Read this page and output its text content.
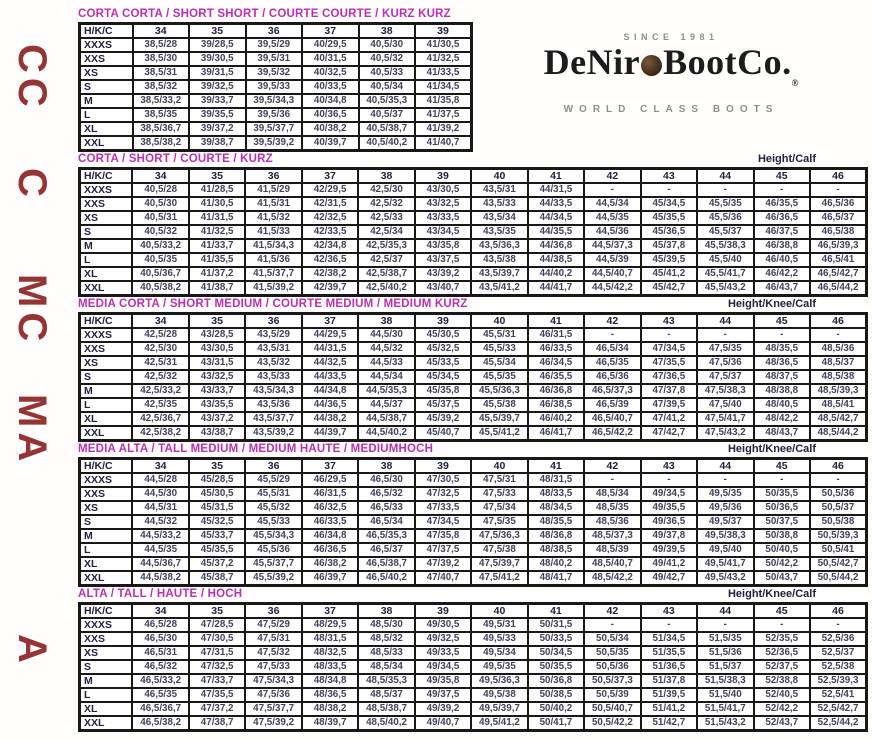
CC
C
MC
MA
A
SINCE 1981
DeNir $BootCo._®$
WORLD CLASS BOOTS
CORTA CORTA / SHORT SHORT / COURTE COURTE / KURZ KURZ
H/K/C	34	35	36	37	38	39
XXXS	38,5/28	39/28,5	39,5/29	40/29,5	40,5/30	41/30,5
XXS	38,5/30	39/30,5	39,5/31	40/31,5	40,5/32	41/32,5
XS	38,5/31	39/31,5	39,5/32	40/32,5	40,5/33	41/33,5
S	38,5/32	39/32,5	39,5/33	40/33,5	40,5/34	41/34,5
M	38,5/33,2	39/33,7	39,5/34,3	40/34,8	40,5/35,3	41/35,8
L	38,5/35	39/35,5	39,5/36	40/36,5	40,5/37	41/37,5
XL	38,5/36,7	39/37,2	39,5/37,7	40/38,2	40,5/38,7	41/39,2
XXL	38,5/38,2	39/38,7	39,5/39,2	40/39,7	40,5/40,2	41/40,7
CORTA / SHORT / COURTE / KURZ	Height/Calf
H/K/C	34	35	36	37	38	39	40	41	42	43	44	45	46
XXXS	40,5/28	41/28,5	41,5/29	42/29,5	42,5/30	43/30,5	43,5/31	44/31,5	-	-	-	-	-
XXS	40,5/30	41/30,5	41,5/31	42/31,5	42,5/32	43/32,5	43,5/33	44/33,5	44,5/34	45/34,5	45,5/35	46/35,5	46,5/36
XS	40,5/31	41/31,5	41,5/32	42/32,5	42,5/33	43/33,5	43,5/34	44/34,5	44,5/35	45/35,5	45,5/36	46/36,5	46,5/37
S	40,5/32	41/32,5	41,5/33	42/33,5	42,5/34	43/34,5	43,5/35	44/35,5	44,5/36	45/36,5	45,5/37	46/37,5	46,5/38
M	40,5/33,2	41/33,7	41,5/34,3	42/34,8	42,5/35,3	43/35,8	43,5/36,3	44/36,8	44,5/37,3	45/37,8	45,5/38,3	46/38,8	46,5/39,3
L	40,5/35	41/35,5	41,5/36	42/36,5	42,5/37	43/37,5	43,5/38	44/38,5	44,5/39	45/39,5	45,5/40	46/40,5	46,5/41
XL	40,5/36,7	41/37,2	41,5/37,7	42/38,2	42,5/38,7	43/39,2	43,5/39,7	44/40,2	44,5/40,7	45/41,2	45,5/41,7	46/42,2	46,5/42,7
XXL	40,5/38,2	41/38,7	41,5/39,2	42/39,7	42,5/40,2	43/40,7	43,5/41,2	44/41,7	44,5/42,2	45/42,7	45,5/43,2	46/43,7	46,5/44,2
MEDIA CORTA / SHORT MEDIUM / COURTE MEDIUM / MEDIUM KURZ	Height/Knee/Calf
H/K/C	34	35	36	37	38	39	40	41	42	43	44	45	46
XXXS	42,5/28	43/28,5	43,5/29	44/29,5	44,5/30	45/30,5	45,5/31	46/31,5	-	-	-	-	-
XXS	42,5/30	43/30,5	43,5/31	44/31,5	44,5/32	45/32,5	45,5/33	46/33,5	46,5/34	47/34,5	47,5/35	48/35,5	48,5/36
XS	42,5/31	43/31,5	43,5/32	44/32,5	44,5/33	45/33,5	45,5/34	46/34,5	46,5/35	47/35,5	47,5/36	48/36,5	48,5/37
S	42,5/32	43/32,5	43,5/33	44/33,5	44,5/34	45/34,5	45,5/35	46/35,5	46,5/36	47/36,5	47,5/37	48/37,5	48,5/38
M	42,5/33,2	43/33,7	43,5/34,3	44/34,8	44,5/35,3	45/35,8	45,5/36,3	46/36,8	46,5/37,3	47/37,8	47,5/38,3	48/38,8	48,5/39,3
L	42,5/35	43/35,5	43,5/36	44/36,5	44,5/37	45/37,5	45,5/38	46/38,5	46,5/39	47/39,5	47,5/40	48/40,5	48,5/41
XL	42,5/36,7	43/37,2	43,5/37,7	44/38,2	44,5/38,7	45/39,2	45,5/39,7	46/40,2	46,5/40,7	47/41,2	47,5/41,7	48/42,2	48,5/42,7
XXL	42,5/38,2	43/38,7	43,5/39,2	44/39,7	44,5/40,2	45/40,7	45,5/41,2	46/41,7	46,5/42,2	47/42,7	47,5/43,2	48/43,7	48,5/44,2
MEDIA ALTA / TALL MEDIUM / MEDIUM HAUTE / MEDIUMHOCH	Height/Knee/Calf
H/K/C	34	35	36	37	38	39	40	41	42	43	44	45	46
XXXS	44,5/28	45/28,5	45,5/29	46/29,5	46,5/30	47/30,5	47,5/31	48/31,5	-	-	-	-	-
XXS	44,5/30	45/30,5	45,5/31	46/31,5	46,5/32	47/32,5	47,5/33	48/33,5	48,5/34	49/34,5	49,5/35	50/35,5	50,5/36
XS	44,5/31	45/31,5	45,5/32	46/32,5	46,5/33	47/33,5	47,5/34	48/34,5	48,5/35	49/35,5	49,5/36	50/36,5	50,5/37
S	44,5/32	45/32,5	45,5/33	46/33,5	46,5/34	47/34,5	47,5/35	48/35,5	48,5/36	49/36,5	49,5/37	50/37,5	50,5/38
M	44,5/33,2	45/33,7	45,5/34,3	46/34,8	46,5/35,3	47/35,8	47,5/36,3	48/36,8	48,5/37,3	49/37,8	49,5/38,3	50/38,8	50,5/39,3
L	44,5/35	45/35,5	45,5/36	46/36,5	46,5/37	47/37,5	47,5/38	48/38,5	48,5/39	49/39,5	49,5/40	50/40,5	50,5/41
XL	44,5/36,7	45/37,2	45,5/37,7	46/38,2	46,5/38,7	47/39,2	47,5/39,7	48/40,2	48,5/40,7	49/41,2	49,5/41,7	50/42,2	50,5/42,7
XXL	44,5/38,2	45/38,7	45,5/39,2	46/39,7	46,5/40,2	47/40,7	47,5/41,2	48/41,7	48,5/42,2	49/42,7	49,5/43,2	50/43,7	50,5/44,2
ALTA / TALL / HAUTE / HOCH	Height/Knee/Calf
H/K/C	34	35	36	37	38	39	40	41	42	43	44	45	46
XXXS	46,5/28	47/28,5	47,5/29	48/29,5	48,5/30	49/30,5	49,5/31	50/31,5	-	-	-	-	-
XXS	46,5/30	47/30,5	47,5/31	48/31,5	48,5/32	49/32,5	49,5/33	50/33,5	50,5/34	51/34,5	51,5/35	52/35,5	52,5/36
XS	46,5/31	47/31,5	47,5/32	48/32,5	48,5/33	49/33,5	49,5/34	50/34,5	50,5/35	51/35,5	51,5/36	52/36,5	52,5/37
S	46,5/32	47/32,5	47,5/33	48/33,5	48,5/34	49/34,5	49,5/35	50/35,5	50,5/36	51/36,5	51,5/37	52/37,5	52,5/38
M	46,5/33,2	47/33,7	47,5/34,3	48/34,8	48,5/35,3	49/35,8	49,5/36,3	50/36,8	50,5/37,3	51/37,8	51,5/38,3	52/38,8	52,5/39,3
L	46,5/35	47/35,5	47,5/36	48/36,5	48,5/37	49/37,5	49,5/38	50/38,5	50,5/39	51/39,5	51,5/40	52/40,5	52,5/41
XL	46,5/36,7	47/37,2	47,5/37,7	48/38,2	48,5/38,7	49/39,2	49,5/39,7	50/40,2	50,5/40,7	51/41,2	51,5/41,7	52/42,2	52,5/42,7
XXL	46,5/38,2	47/38,7	47,5/39,2	48/39,7	48,5/40,2	49/40,7	49,5/41,2	50/41,7	50,5/42,2	51/42,7	51,5/43,2	52/43,7	52,5/44,2
